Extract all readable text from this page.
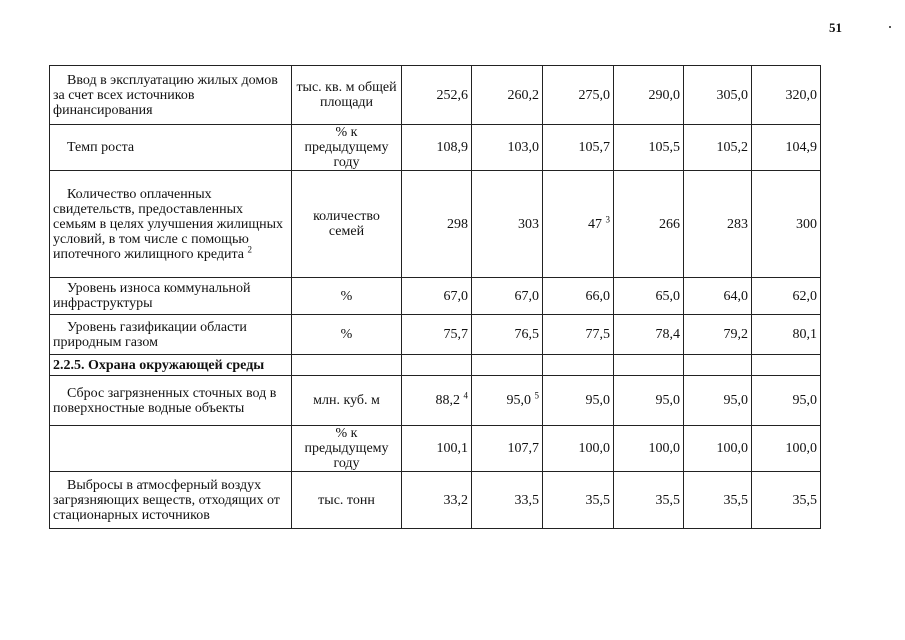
51
Ввод в эксплуатацию жилых домов за счет всех источников финансирования	тыс. кв. м общей площади	252,6	260,2	275,0	290,0	305,0	320,0
Темп роста	% к предыдущему году	108,9	103,0	105,7	105,5	105,2	104,9
Количество оплаченных свидетельств, предоставленных семьям в целях улучшения жилищных условий, в том числе с помощью ипотечного жилищного кредита $^2$	количество семей	298	303	47 $^3$	266	283	300
Уровень износа коммунальной инфраструктуры	%	67,0	67,0	66,0	65,0	64,0	62,0
Уровень газификации области природным газом	%	75,7	76,5	77,5	78,4	79,2	80,1
2.2.5. Охрана окружающей среды							
Сброс загрязненных сточных вод в поверхностные водные объекты	млн. куб. м	88,2 $^4$	95,0 $^5$	95,0	95,0	95,0	95,0
	% к предыдущему году	100,1	107,7	100,0	100,0	100,0	100,0
Выбросы в атмосферный воздух загрязняющих веществ, отходящих от стационарных источников	тыс. тонн	33,2	33,5	35,5	35,5	35,5	35,5
